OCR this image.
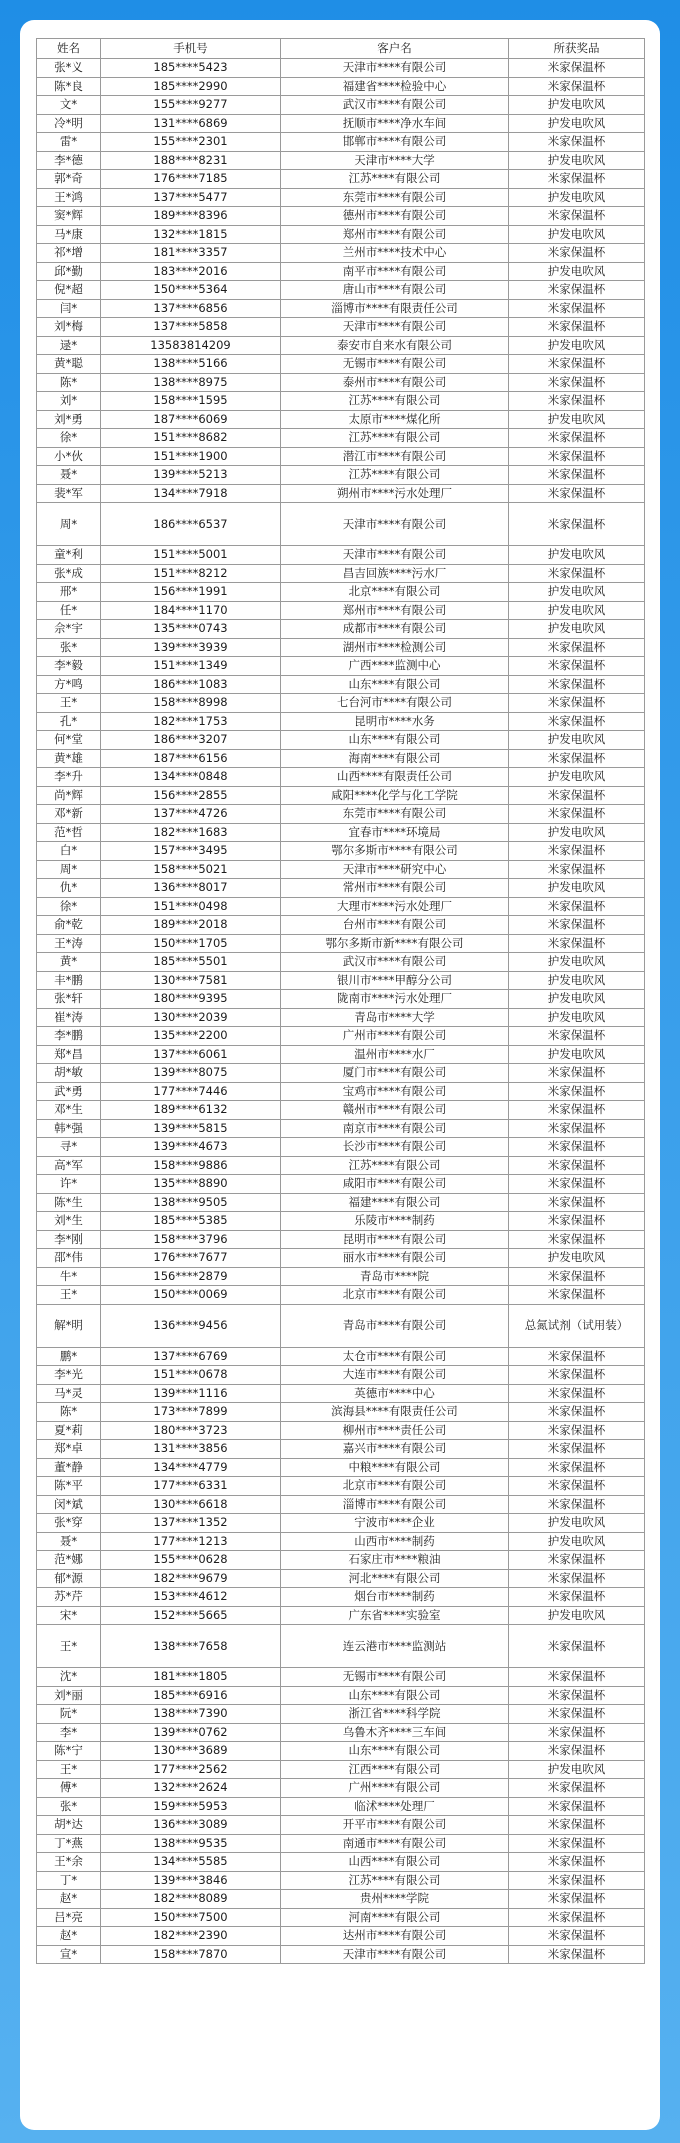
姓名	手机号	客户名	所获奖品
张*义	185****5423	天津市****有限公司	米家保温杯
陈*良	185****2990	福建省****检验中心	米家保温杯
文*	155****9277	武汉市****有限公司	护发电吹风
冷*明	131****6869	抚顺市****净水车间	护发电吹风
雷*	155****2301	邯郸市****有限公司	米家保温杯
李*德	188****8231	天津市****大学	护发电吹风
郭*奇	176****7185	江苏****有限公司	米家保温杯
王*鸿	137****5477	东莞市****有限公司	护发电吹风
窦*辉	189****8396	德州市****有限公司	米家保温杯
马*康	132****1815	郑州市****有限公司	护发电吹风
祁*增	181****3357	兰州市****技术中心	米家保温杯
邱*勤	183****2016	南平市****有限公司	护发电吹风
倪*超	150****5364	唐山市****有限公司	米家保温杯
闫*	137****6856	淄博市****有限责任公司	米家保温杯
刘*梅	137****5858	天津市****有限公司	米家保温杯
逯*	13583814209	泰安市自来水有限公司	护发电吹风
黄*聪	138****5166	无锡市****有限公司	米家保温杯
陈*	138****8975	泰州市****有限公司	米家保温杯
刘*	158****1595	江苏****有限公司	米家保温杯
刘*勇	187****6069	太原市****煤化所	护发电吹风
徐*	151****8682	江苏****有限公司	米家保温杯
小*伙	151****1900	潜江市****有限公司	米家保温杯
聂*	139****5213	江苏****有限公司	米家保温杯
裴*军	134****7918	朔州市****污水处理厂	米家保温杯
周*	186****6537	天津市****有限公司	米家保温杯
童*利	151****5001	天津市****有限公司	护发电吹风
张*成	151****8212	昌吉回族****污水厂	米家保温杯
邢*	156****1991	北京****有限公司	护发电吹风
任*	184****1170	郑州市****有限公司	护发电吹风
佘*宇	135****0743	成都市****有限公司	护发电吹风
张*	139****3939	湖州市****检测公司	米家保温杯
李*毅	151****1349	广西****监测中心	米家保温杯
方*鸣	186****1083	山东****有限公司	米家保温杯
王*	158****8998	七台河市****有限公司	米家保温杯
孔*	182****1753	昆明市****水务	米家保温杯
何*堂	186****3207	山东****有限公司	护发电吹风
黄*雄	187****6156	海南****有限公司	米家保温杯
李*升	134****0848	山西****有限责任公司	护发电吹风
尚*辉	156****2855	咸阳****化学与化工学院	米家保温杯
邓*新	137****4726	东莞市****有限公司	米家保温杯
范*哲	182****1683	宜春市****环境局	护发电吹风
白*	157****3495	鄂尔多斯市****有限公司	米家保温杯
周*	158****5021	天津市****研究中心	米家保温杯
仇*	136****8017	常州市****有限公司	护发电吹风
徐*	151****0498	大理市****污水处理厂	米家保温杯
俞*乾	189****2018	台州市****有限公司	米家保温杯
王*涛	150****1705	鄂尔多斯市新****有限公司	米家保温杯
黄*	185****5501	武汉市****有限公司	护发电吹风
丰*鹏	130****7581	银川市****甲醇分公司	护发电吹风
张*轩	180****9395	陇南市****污水处理厂	护发电吹风
崔*涛	130****2039	青岛市****大学	护发电吹风
李*鹏	135****2200	广州市****有限公司	米家保温杯
郑*昌	137****6061	温州市****水厂	护发电吹风
胡*敏	139****8075	厦门市****有限公司	米家保温杯
武*勇	177****7446	宝鸡市****有限公司	米家保温杯
邓*生	189****6132	赣州市****有限公司	米家保温杯
韩*强	139****5815	南京市****有限公司	米家保温杯
寻*	139****4673	长沙市****有限公司	米家保温杯
高*军	158****9886	江苏****有限公司	米家保温杯
许*	135****8890	咸阳市****有限公司	米家保温杯
陈*生	138****9505	福建****有限公司	米家保温杯
刘*生	185****5385	乐陵市****制药	米家保温杯
李*刚	158****3796	昆明市****有限公司	米家保温杯
邵*伟	176****7677	丽水市****有限公司	护发电吹风
牛*	156****2879	青岛市****院	米家保温杯
王*	150****0069	北京市****有限公司	米家保温杯
解*明	136****9456	青岛市****有限公司	总氮试剂（试用装）
鹏*	137****6769	太仓市****有限公司	米家保温杯
李*光	151****0678	大连市****有限公司	米家保温杯
马*灵	139****1116	英德市****中心	米家保温杯
陈*	173****7899	滨海县****有限责任公司	米家保温杯
夏*莉	180****3723	柳州市****责任公司	米家保温杯
郑*卓	131****3856	嘉兴市****有限公司	米家保温杯
董*静	134****4779	中粮****有限公司	米家保温杯
陈*平	177****6331	北京市****有限公司	米家保温杯
闵*斌	130****6618	淄博市****有限公司	米家保温杯
张*穿	137****1352	宁波市****企业	护发电吹风
聂*	177****1213	山西市****制药	护发电吹风
范*娜	155****0628	石家庄市****粮油	米家保温杯
郁*源	182****9679	河北****有限公司	米家保温杯
苏*芹	153****4612	烟台市****制药	米家保温杯
宋*	152****5665	广东省****实验室	护发电吹风
王*	138****7658	连云港市****监测站	米家保温杯
沈*	181****1805	无锡市****有限公司	米家保温杯
刘*丽	185****6916	山东****有限公司	米家保温杯
阮*	138****7390	浙江省****科学院	米家保温杯
李*	139****0762	乌鲁木齐****三车间	米家保温杯
陈*宁	130****3689	山东****有限公司	米家保温杯
王*	177****2562	江西****有限公司	护发电吹风
傅*	132****2624	广州****有限公司	米家保温杯
张*	159****5953	临沭****处理厂	米家保温杯
胡*达	136****3089	开平市****有限公司	米家保温杯
丁*燕	138****9535	南通市****有限公司	米家保温杯
王*余	134****5585	山西****有限公司	米家保温杯
丁*	139****3846	江苏****有限公司	米家保温杯
赵*	182****8089	贵州****学院	米家保温杯
吕*亮	150****7500	河南****有限公司	米家保温杯
赵*	182****2390	达州市****有限公司	米家保温杯
宣*	158****7870	天津市****有限公司	米家保温杯
